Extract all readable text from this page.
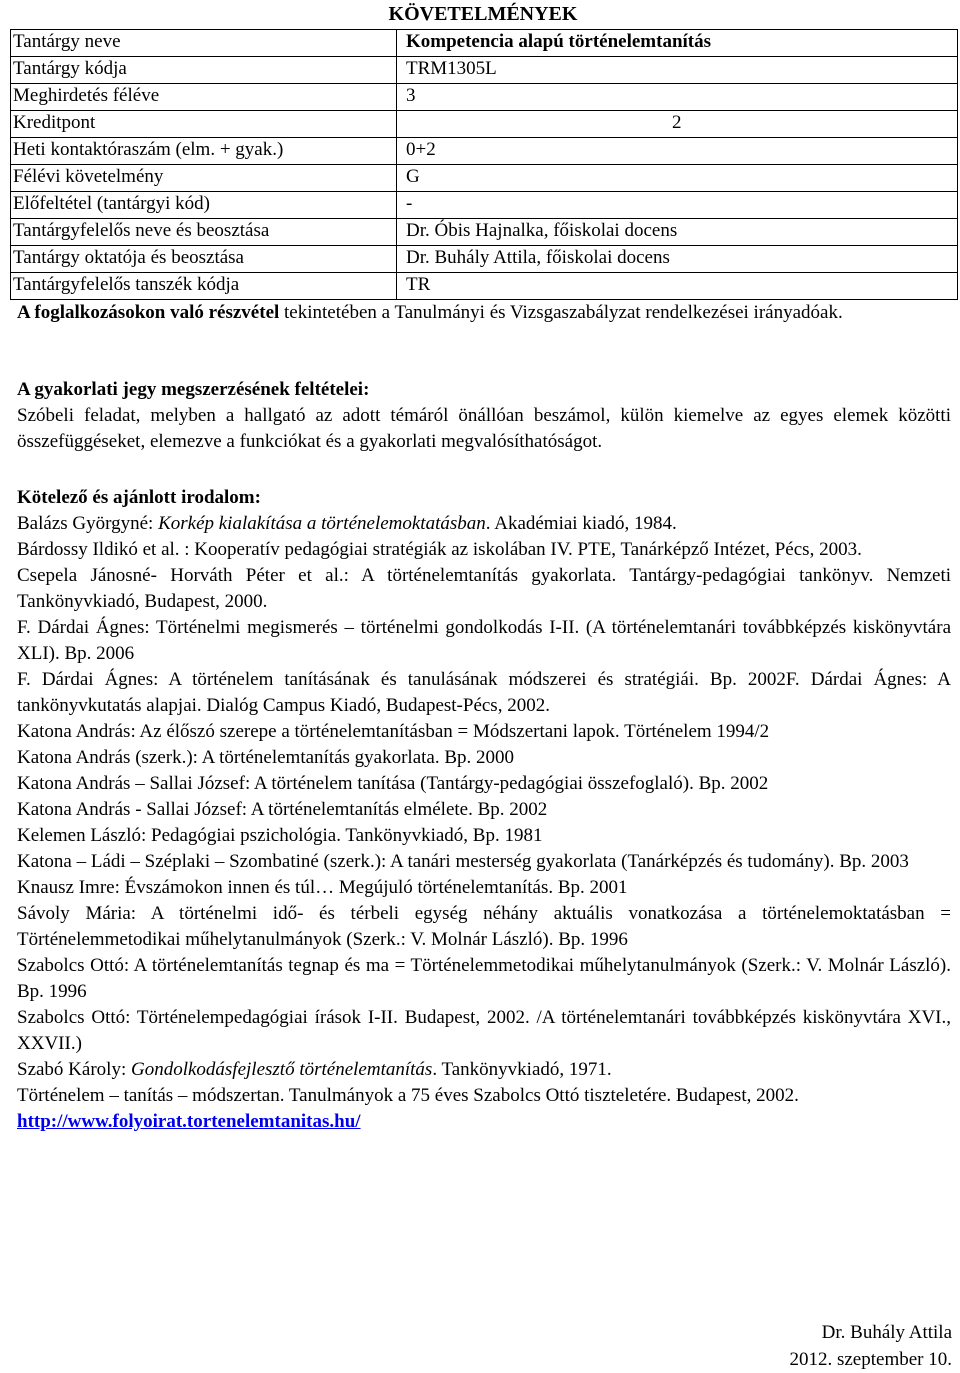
KÖVETELMÉNYEK
Tantárgy neve
Tantárgy kódja
Meghirdetés féléve
Kreditpont
Heti kontaktóraszám (elm. + gyak.)
Félévi követelmény
Előfeltétel (tantárgyi kód)
Tantárgyfelelős neve és beosztása
Tantárgy oktatója és beosztása
Tantárgyfelelős tanszék kódja
Kompetencia alapú történelemtanítás
TRM1305L
3
2
0+2
G
-
Dr. Óbis Hajnalka, főiskolai docens
Dr. Buhály Attila, főiskolai docens
TR
A foglalkozásokon való részvétel tekintetében a Tanulmányi és Vizsgaszabályzat rendelkezései irányadóak.
A gyakorlati jegy megszerzésének feltételei:
Szóbeli feladat, melyben a hallgató az adott témáról önállóan beszámol, külön kiemelve az egyes elemek közötti összefüggéseket, elemezve a funkciókat és a gyakorlati megvalósíthatóságot.
Kötelező és ajánlott irodalom:
Balázs Györgyné: Korkép kialakítása a történelemoktatásban. Akadémiai kiadó, 1984.
Bárdossy Ildikó et al. : Kooperatív pedagógiai stratégiák az iskolában IV. PTE, Tanárképző Intézet, Pécs, 2003.
Csepela Jánosné- Horváth Péter et al.: A történelemtanítás gyakorlata. Tantárgy-pedagógiai tankönyv. Nemzeti Tankönyvkiadó, Budapest, 2000.
F. Dárdai Ágnes: Történelmi megismerés – történelmi gondolkodás I-II. (A történelemtanári továbbképzés kiskönyvtára XLI). Bp. 2006
F. Dárdai Ágnes: A történelem tanításának és tanulásának módszerei és stratégiái. Bp. 2002F. Dárdai Ágnes: A tankönyvkutatás alapjai. Dialóg Campus Kiadó, Budapest-Pécs, 2002.
Katona András: Az élőszó szerepe a történelemtanításban = Módszertani lapok. Történelem 1994/2
Katona András (szerk.): A történelemtanítás gyakorlata. Bp. 2000
Katona András – Sallai József: A történelem tanítása (Tantárgy-pedagógiai összefoglaló). Bp. 2002
Katona András - Sallai József: A történelemtanítás elmélete. Bp. 2002
Kelemen László: Pedagógiai pszichológia. Tankönyvkiadó, Bp. 1981
Katona – Ládi – Széplaki – Szombatiné (szerk.): A tanári mesterség gyakorlata (Tanárképzés és tudomány). Bp. 2003
Knausz Imre: Évszámokon innen és túl… Megújuló történelemtanítás. Bp. 2001
Sávoly Mária: A történelmi idő- és térbeli egység néhány aktuális vonatkozása a történelemoktatásban = Történelemmetodikai műhelytanulmányok (Szerk.: V. Molnár László). Bp. 1996
Szabolcs Ottó: A történelemtanítás tegnap és ma = Történelemmetodikai műhelytanulmányok (Szerk.: V. Molnár László). Bp. 1996
Szabolcs Ottó: Történelempedagógiai írások I-II. Budapest, 2002. /A történelemtanári továbbképzés kiskönyvtára XVI., XXVII.)
Szabó Károly: Gondolkodásfejlesztő történelemtanítás. Tankönyvkiadó, 1971.
Történelem – tanítás – módszertan. Tanulmányok a 75 éves Szabolcs Ottó tiszteletére. Budapest, 2002.
http://www.folyoirat.tortenelemtanitas.hu/
Dr. Buhály Attila
2012. szeptember 10.
